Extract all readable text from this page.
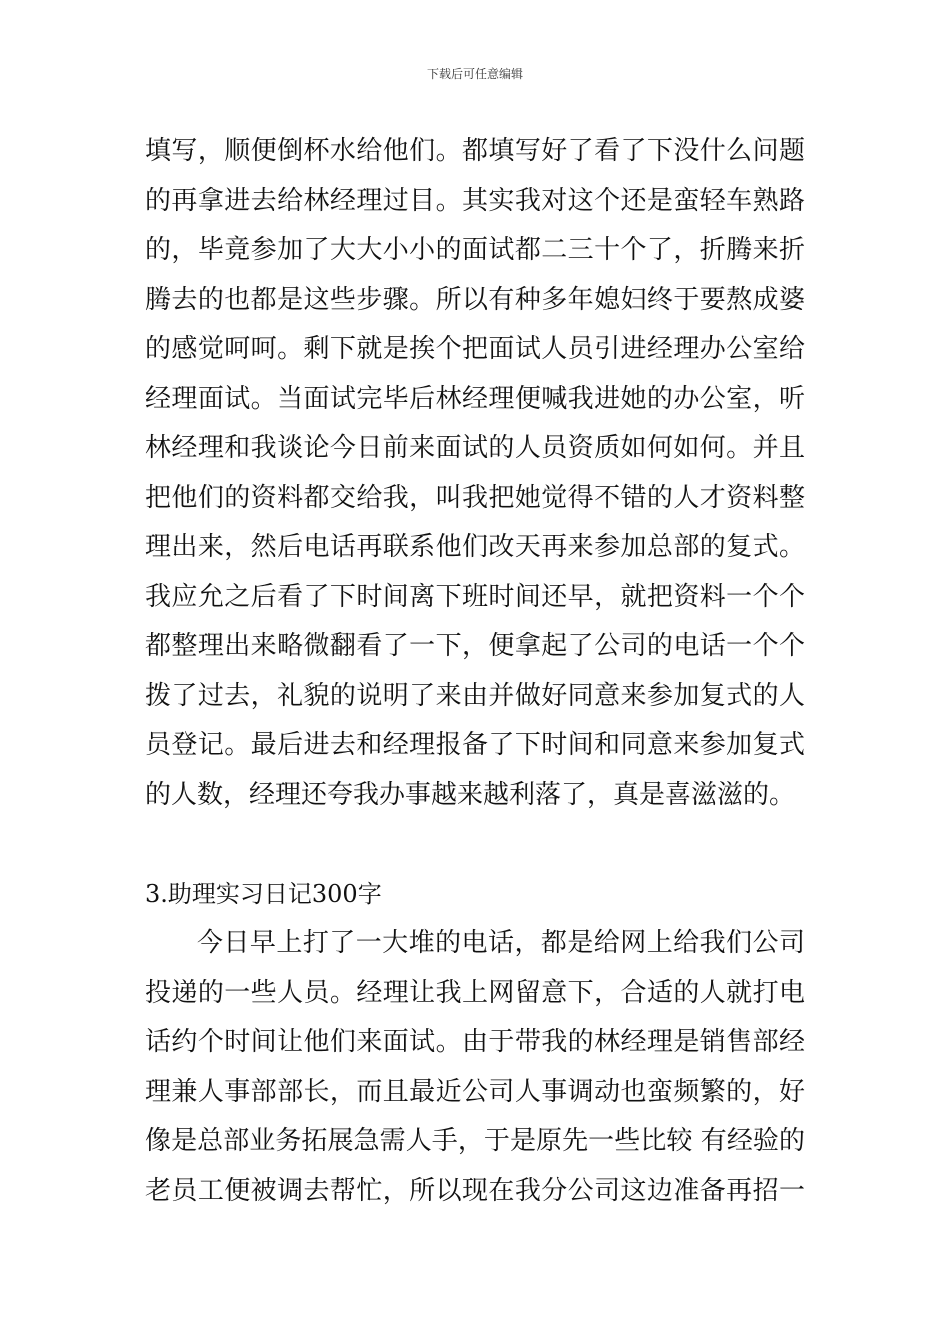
下载后可任意编辑
填写，顺便倒杯水给他们。都填写好了看了下没什么问题
的再拿进去给林经理过目。其实我对这个还是蛮轻车熟路
的，毕竟参加了大大小小的面试都二三十个了，折腾来折
腾去的也都是这些步骤。所以有种多年媳妇终于要熬成婆
的感觉呵呵。剩下就是挨个把面试人员引进经理办公室给
经理面试。当面试完毕后林经理便喊我进她的办公室，听
林经理和我谈论今日前来面试的人员资质如何如何。并且
把他们的资料都交给我，叫我把她觉得不错的人才资料整
理出来，然后电话再联系他们改天再来参加总部的复式。
我应允之后看了下时间离下班时间还早，就把资料一个个
都整理出来略微翻看了一下，便拿起了公司的电话一个个
拨了过去，礼貌的说明了来由并做好同意来参加复式的人
员登记。最后进去和经理报备了下时间和同意来参加复式
的人数，经理还夸我办事越来越利落了，真是喜滋滋的。
3.助理实习日记300字
今日早上打了一大堆的电话，都是给网上给我们公司
投递的一些人员。经理让我上网留意下，合适的人就打电
话约个时间让他们来面试。由于带我的林经理是销售部经
理兼人事部部长，而且最近公司人事调动也蛮频繁的，好
像是总部业务拓展急需人手，于是原先一些比较 有经验的
老员工便被调去帮忙，所以现在我分公司这边准备再招一
